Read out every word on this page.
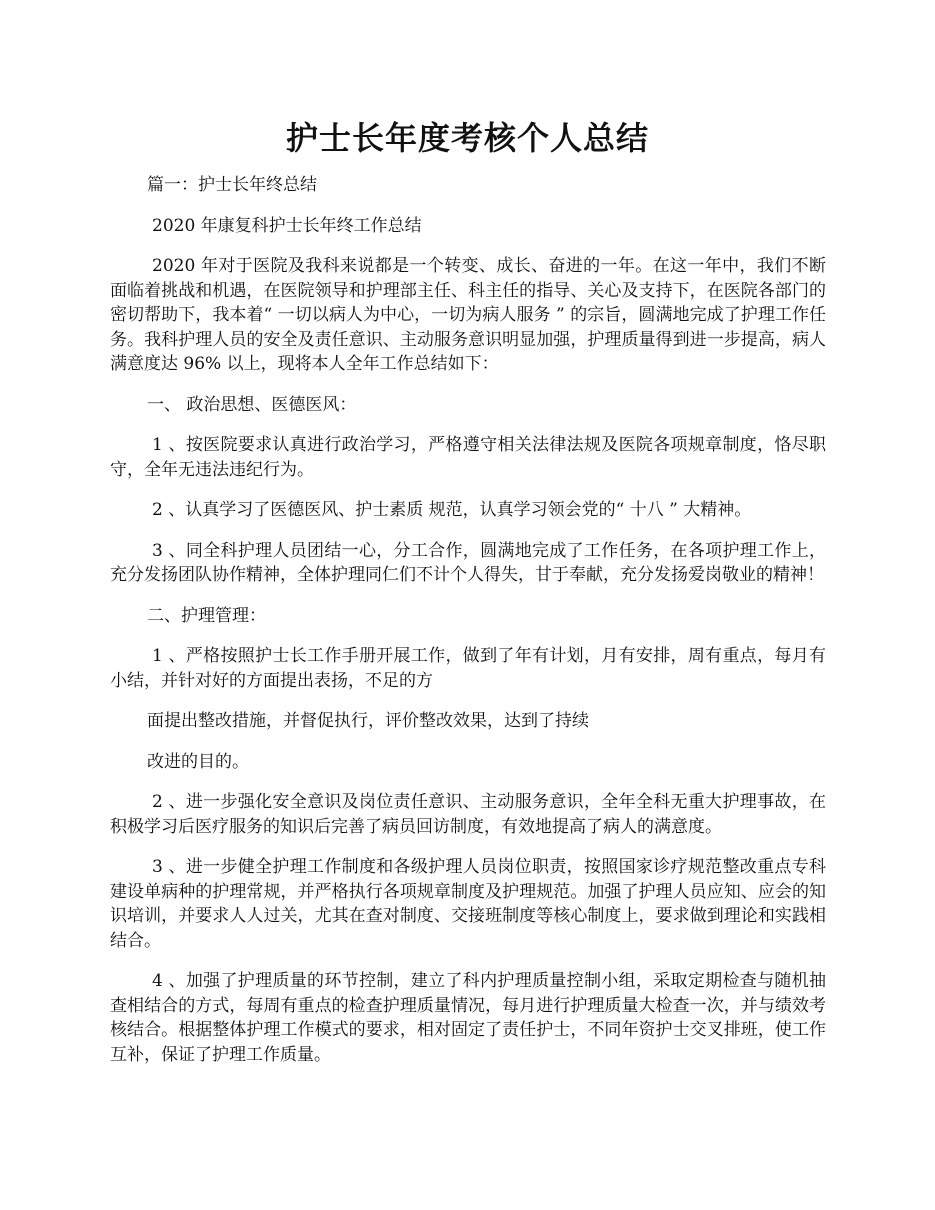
护士长年度考核个人总结

篇一：护士长年终总结

2020 年康复科护士长年终工作总结

2020 年对于医院及我科来说都是一个转变、成长、奋进的一年。在这一年中，我们不断面临着挑战和机遇，在医院领导和护理部主任、科主任的指导、关心及支持下，在医院各部门的密切帮助下，我本着“ 一切以病人为中心，一切为病人服务 ” 的宗旨，圆满地完成了护理工作任务。我科护理人员的安全及责任意识、主动服务意识明显加强，护理质量得到进一步提高，病人满意度达 96% 以上，现将本人全年工作总结如下：

一、 政治思想、医德医风：

1 、按医院要求认真进行政治学习，严格遵守相关法律法规及医院各项规章制度，恪尽职守，全年无违法违纪行为。

2 、认真学习了医德医风、护士素质 规范，认真学习领会党的“ 十八 ” 大精神。

3 、同全科护理人员团结一心，分工合作，圆满地完成了工作任务，在各项护理工作上，充分发扬团队协作精神，全体护理同仁们不计个人得失，甘于奉献，充分发扬爱岗敬业的精神！

二、护理管理：

1 、严格按照护士长工作手册开展工作，做到了年有计划，月有安排，周有重点，每月有小结，并针对好的方面提出表扬，不足的方

面提出整改措施，并督促执行，评价整改效果，达到了持续

改进的目的。

2 、进一步强化安全意识及岗位责任意识、主动服务意识，全年全科无重大护理事故，在积极学习后医疗服务的知识后完善了病员回访制度，有效地提高了病人的满意度。

3 、进一步健全护理工作制度和各级护理人员岗位职责，按照国家诊疗规范整改重点专科建设单病种的护理常规，并严格执行各项规章制度及护理规范。加强了护理人员应知、应会的知识培训，并要求人人过关，尤其在查对制度、交接班制度等核心制度上，要求做到理论和实践相结合。

4 、加强了护理质量的环节控制，建立了科内护理质量控制小组，采取定期检查与随机抽查相结合的方式，每周有重点的检查护理质量情况，每月进行护理质量大检查一次，并与绩效考核结合。根据整体护理工作模式的要求，相对固定了责任护士，不同年资护士交叉排班，使工作互补，保证了护理工作质量。
